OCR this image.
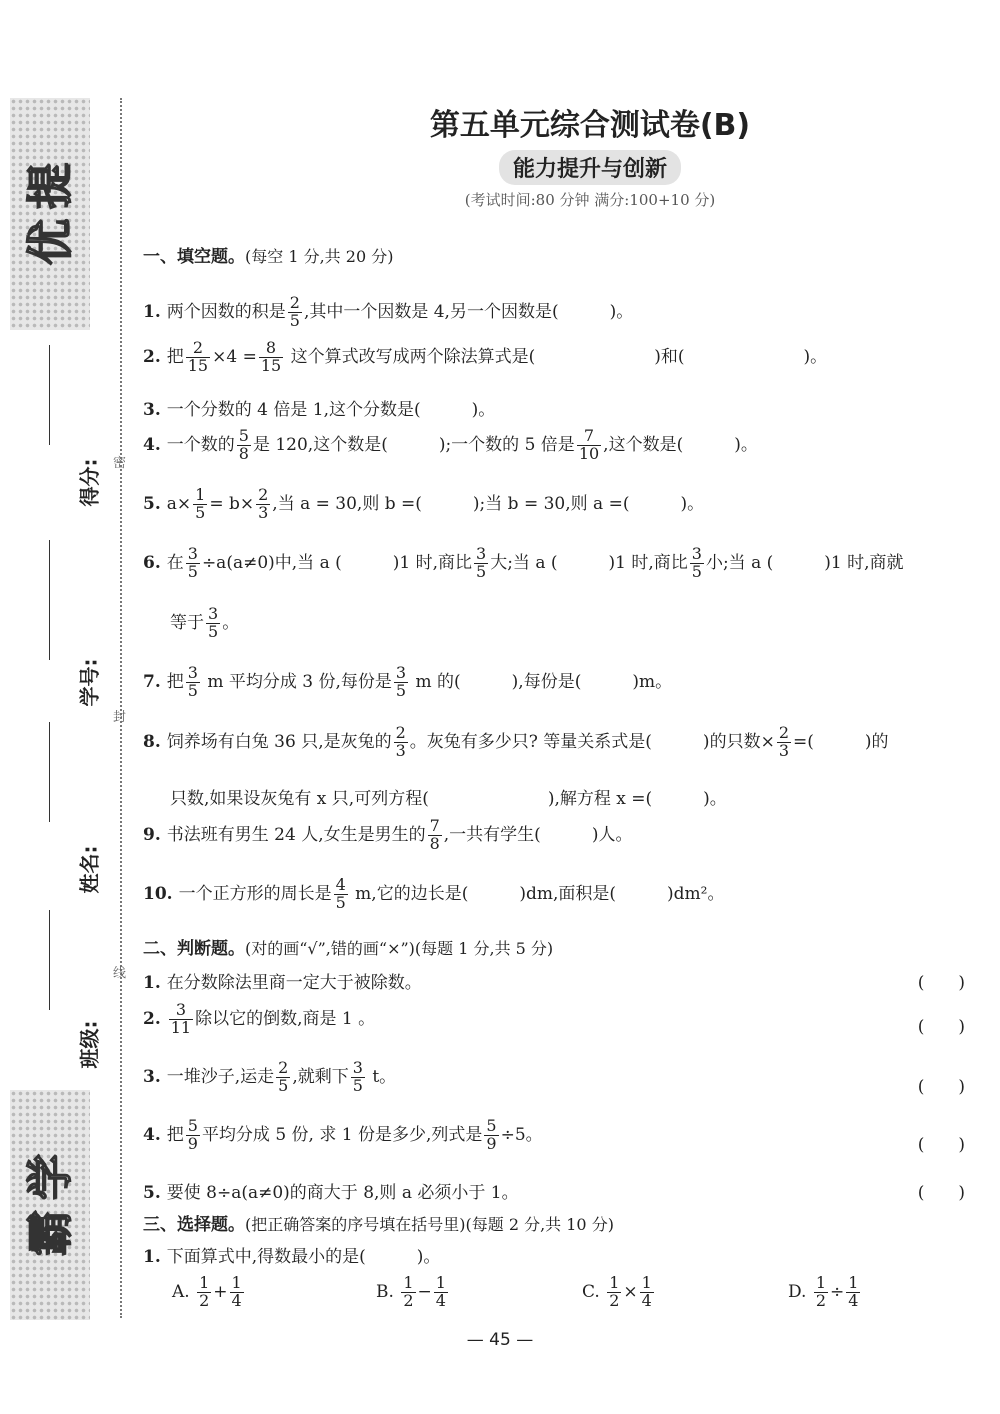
提
优
学
霸
密
封
线
得分:
学号:
姓名:
班级:
第五单元综合测试卷(B)
能力提升与创新
(考试时间:80 分钟 满分:100+10 分)
一、填空题。(每空 1 分,共 20 分)
1. 两个因数的积是 $\frac{2}{5}$ ,其中一个因数是 4,另一个因数是(　　　)。
2. 把 $\frac{2}{15} \times 4 = \frac{8}{15}$ 这个算式改写成两个除法算式是(　　　　　　　)和(　　　　　　　)。
3. 一个分数的 4 倍是 1,这个分数是(　　　)。
4. 一个数的 $\frac{5}{8}$ 是 120,这个数是(　　　);一个数的 5 倍是 $\frac{7}{10}$ ,这个数是(　　　)。
5. $a\times \frac{1}{5} = b\times \frac{2}{3}$ ,当 a = 30,则 b =(　　　);当 b = 30,则 a =(　　　)。
6. 在 $\frac{3}{5} \div a(a\ne 0)$中,当 a (　　　)1 时,商比 $\frac{3}{5}$ 大;当 a (　　　)1 时,商比 $\frac{3}{5}$ 小;当 a (　　　)1 时,商就
等于 $\frac{3}{5}$ 。
7. 把 $\frac{3}{5}$ m 平均分成 3 份,每份是 $\frac{3}{5}$ m 的(　　　),每份是(　　　)m。
8. 饲养场有白兔 36 只,是灰兔的 $\frac{2}{3}$ 。灰兔有多少只? 等量关系式是(　　　)的只数× $\frac{2}{3}$ =(　　　)的
只数,如果设灰兔有 x 只,可列方程(　　　　　　　),解方程 x =(　　　)。
9. 书法班有男生 24 人,女生是男生的 $\frac{7}{8}$ ,一共有学生(　　　)人。
10. 一个正方形的周长是 $\frac{4}{5} m$,它的边长是(　　　)dm,面积是(　　　)dm²。
二、判断题。(对的画“√”,错的画“×”)(每题 1 分,共 5 分)
1. 在分数除法里商一定大于被除数。	(　　)
2. $\frac{3}{11}$ 除以它的倒数,商是 1 。	(　　)
3. 一堆沙子,运走 $\frac{2}{5}$ ,就剩下 $\frac{3}{5}$ t。
(　　)
4. 把 $\frac{5}{9}$ 平均分成 5 份, 求 1 份是多少,列式是 $\frac{5}{9} \div 5$。
(　　)
5. 要使 8÷a(a≠0)的商大于 8,则 a 必须小于 1。	(　　)
三、选择题。(把正确答案的序号填在括号里)(每题 2 分,共 10 分)
1. 下面算式中,得数最小的是(　　　)。
A. $\frac{1}{2} + \frac{1}{4}$	B. $\frac{1}{2} - \frac{1}{4}$	C. $\frac{1}{2} \times \frac{1}{4}$	D. $\frac{1}{2} \div \frac{1}{4}$
— 45 —
